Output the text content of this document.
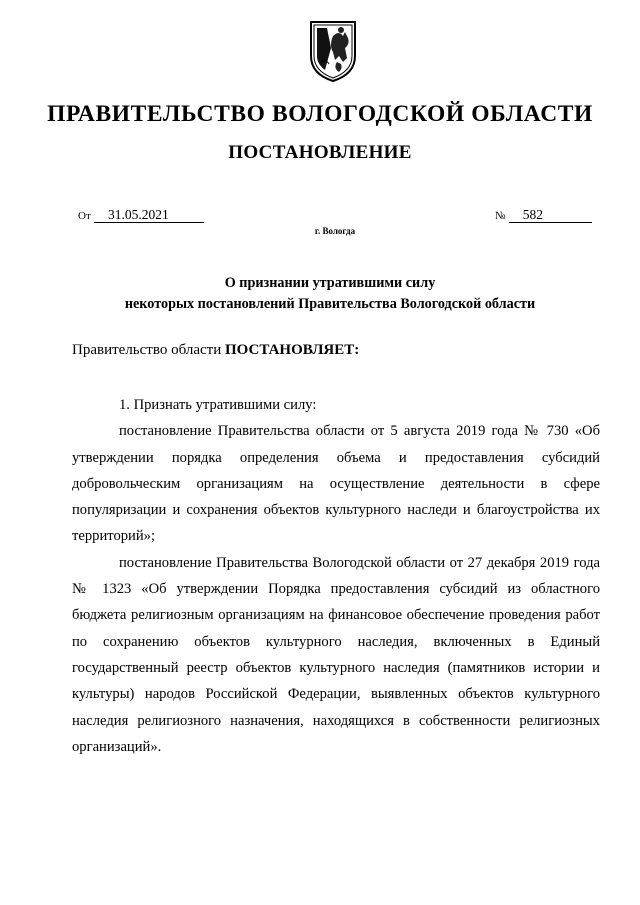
ПРАВИТЕЛЬСТВО ВОЛОГОДСКОЙ ОБЛАСТИ
ПОСТАНОВЛЕНИЕ
От 31.05.2021	№ 582
г. Вологда
О признании утратившими силу
некоторых постановлений Правительства Вологодской области
Правительство области ПОСТАНОВЛЯЕТ:

1. Признать утратившими силу:

постановление Правительства области от 5 августа 2019 года № 730 «Об утверждении порядка определения объема и предоставления субсидий добровольческим организациям на осуществление деятельности в сфере популяризации и сохранения объектов культурного наследи и благоустройства их территорий»;

постановление Правительства Вологодской области от 27 декабря 2019 года № 1323 «Об утверждении Порядка предоставления субсидий из областного бюджета религиозным организациям на финансовое обеспечение проведения работ по сохранению объектов культурного наследия, включенных в Единый государственный реестр объектов культурного наследия (памятников истории и культуры) народов Российской Федерации, выявленных объектов культурного наследия религиозного назначения, находящихся в собственности религиозных организаций».
